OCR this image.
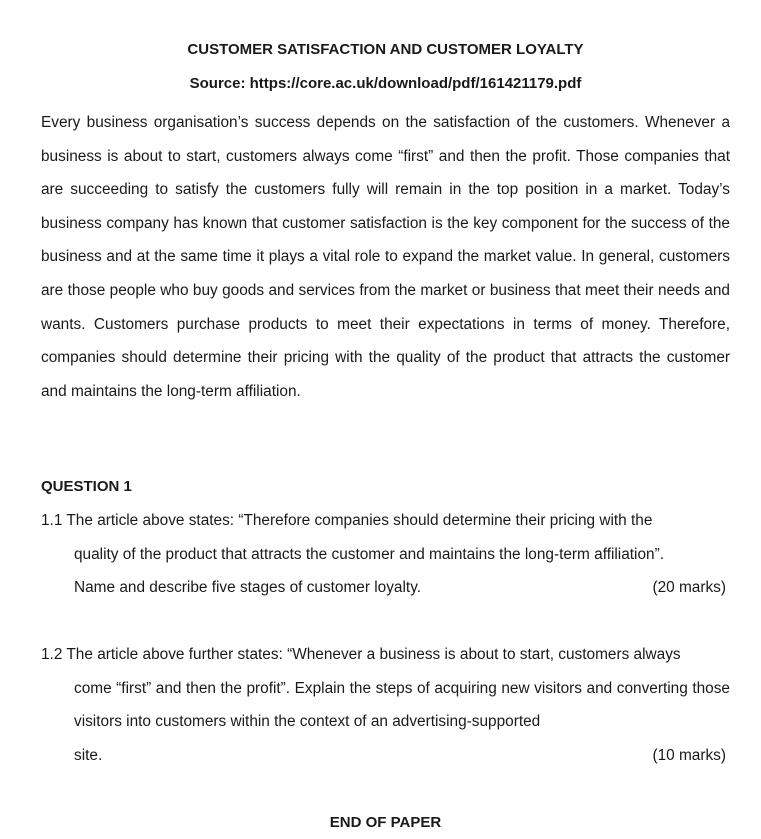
CUSTOMER SATISFACTION AND CUSTOMER LOYALTY
Source: https://core.ac.uk/download/pdf/161421179.pdf

Every business organisation’s success depends on the satisfaction of the customers. Whenever a business is about to start, customers always come “first” and then the profit. Those companies that are succeeding to satisfy the customers fully will remain in the top position in a market. Today’s business company has known that customer satisfaction is the key component for the success of the business and at the same time it plays a vital role to expand the market value. In general, customers are those people who buy goods and services from the market or business that meet their needs and wants. Customers purchase products to meet their expectations in terms of money. Therefore, companies should determine their pricing with the quality of the product that attracts the customer and maintains the long-term affiliation.

QUESTION 1
1.1 The article above states: “Therefore companies should determine their pricing with the
quality of the product that attracts the customer and maintains the long-term affiliation”.
Name and describe five stages of customer loyalty.	(20 marks)
1.2 The article above further states: “Whenever a business is about to start, customers always
come “first” and then the profit”. Explain the steps of acquiring new visitors and converting those visitors into customers within the context of an advertising-supported
site.	(10 marks)
END OF PAPER
